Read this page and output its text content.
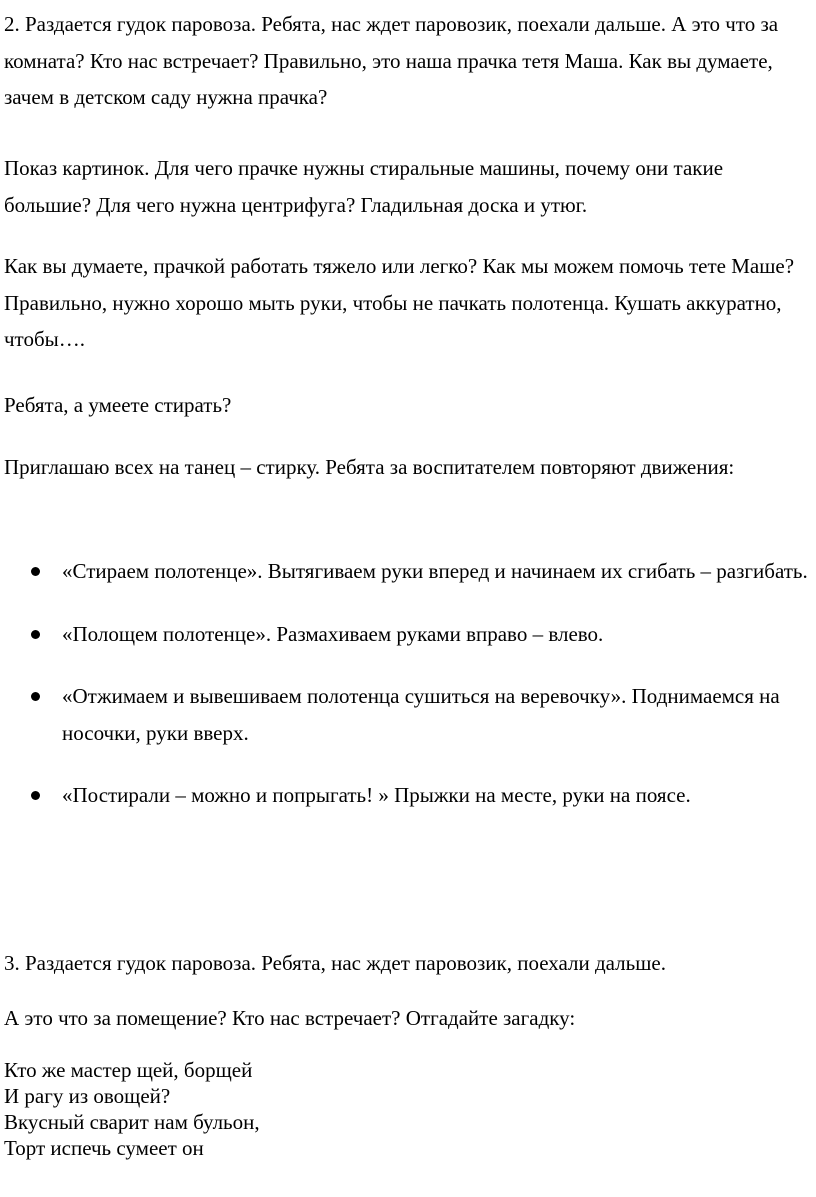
2. Раздается гудок паровоза. Ребята, нас ждет паровозик, поехали дальше. А это что за комната? Кто нас встречает? Правильно, это наша прачка тетя Маша. Как вы думаете, зачем в детском саду нужна прачка?

Показ картинок. Для чего прачке нужны стиральные машины, почему они такие большие? Для чего нужна центрифуга? Гладильная доска и утюг.

Как вы думаете, прачкой работать тяжело или легко? Как мы можем помочь тете Маше? Правильно, нужно хорошо мыть руки, чтобы не пачкать полотенца. Кушать аккуратно, чтобы….

Ребята, а умеете стирать?

Приглашаю всех на танец – стирку. Ребята за воспитателем повторяют движения:

«Стираем полотенце». Вытягиваем руки вперед и начинаем их сгибать – разгибать.
«Полощем полотенце». Размахиваем руками вправо – влево.
«Отжимаем и вывешиваем полотенца сушиться на веревочку». Поднимаемся на носочки, руки вверх.
«Постирали – можно и попрыгать! » Прыжки на месте, руки на поясе.

3. Раздается гудок паровоза. Ребята, нас ждет паровозик, поехали дальше.

А это что за помещение? Кто нас встречает? Отгадайте загадку:

Кто же мастер щей, борщей
И рагу из овощей?
Вкусный сварит нам бульон,
Торт испечь сумеет он
